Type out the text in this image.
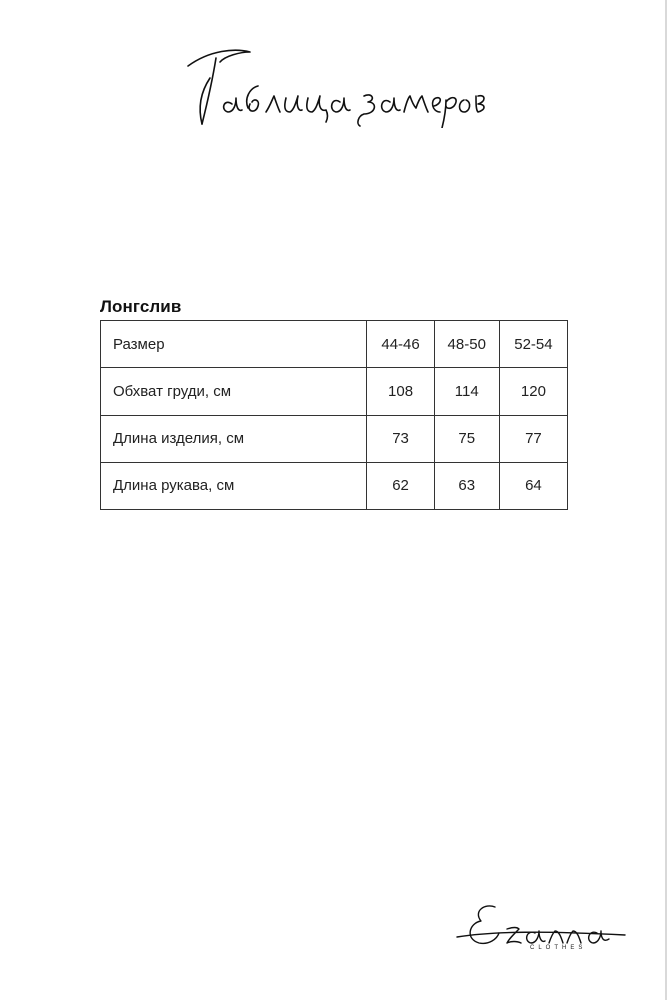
Лонгслив
Размер	44-46	48-50	52-54
Обхват груди, см	108	114	120
Длина изделия, см	73	75	77
Длина рукава, см	62	63	64
CLOTHES
